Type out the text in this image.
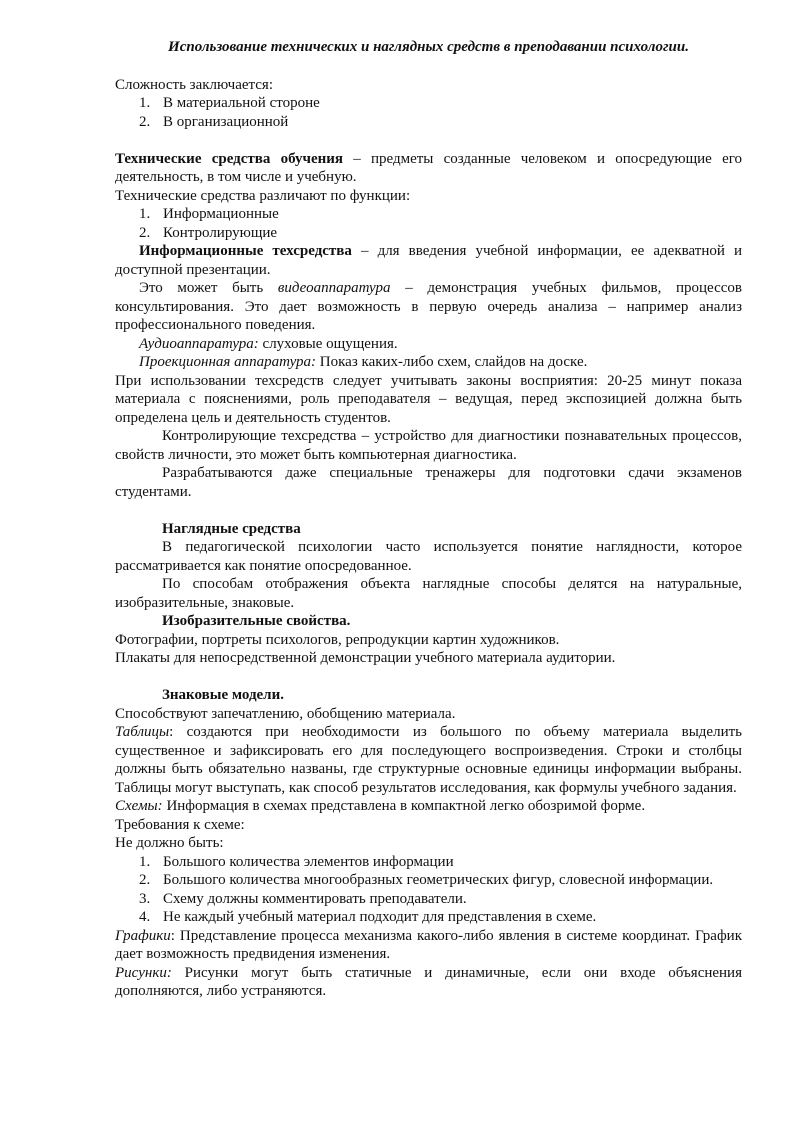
Использование технических и наглядных средств в преподавании психологии.

Сложность заключается:

1. В материальной стороне
2. В организационной

Технические средства обучения – предметы созданные человеком и опосредующие его деятельность, в том числе и учебную.

Технические средства различают по функции:

1. Информационные
2. Контролирующие

Информационные техсредства – для введения учебной информации, ее адекватной и доступной презентации.

Это может быть видеоаппаратура – демонстрация учебных фильмов, процессов консультирования. Это дает возможность в первую очередь анализа – например анализ профессионального поведения.

Аудиоаппаратура: слуховые ощущения.

Проекционная аппаратура: Показ каких-либо схем, слайдов на доске.

При использовании техсредств следует учитывать законы восприятия: 20-25 минут показа материала с пояснениями, роль преподавателя – ведущая, перед экспозицией должна быть определена цель и деятельность студентов.

Контролирующие техсредства – устройство для диагностики познавательных процессов, свойств личности, это может быть компьютерная диагностика.

Разрабатываются даже специальные тренажеры для подготовки сдачи экзаменов студентами.

Наглядные средства

В педагогической психологии часто используется понятие наглядности, которое рассматривается как понятие опосредованное.

По способам отображения объекта наглядные способы делятся на натуральные, изобразительные, знаковые.

Изобразительные свойства.

Фотографии, портреты психологов, репродукции картин художников.

Плакаты для непосредственной демонстрации учебного материала аудитории.

Знаковые модели.

Способствуют запечатлению, обобщению материала.

Таблицы: создаются при необходимости из большого по объему материала выделить существенное и зафиксировать его для последующего воспроизведения. Строки и столбцы должны быть обязательно названы, где структурные основные единицы информации выбраны. Таблицы могут выступать, как способ результатов исследования, как формулы учебного задания.

Схемы: Информация в схемах представлена в компактной легко обозримой форме.

Требования к схеме:

Не должно быть:

1. Большого количества элементов информации
2. Большого количества многообразных геометрических фигур, словесной информации.
3. Схему должны комментировать преподаватели.
4. Не каждый учебный материал подходит для представления в схеме.

Графики: Представление процесса механизма какого-либо явления в системе координат. График дает возможность предвидения изменения.

Рисунки: Рисунки могут быть статичные и динамичные, если они входе объяснения дополняются, либо устраняются.
